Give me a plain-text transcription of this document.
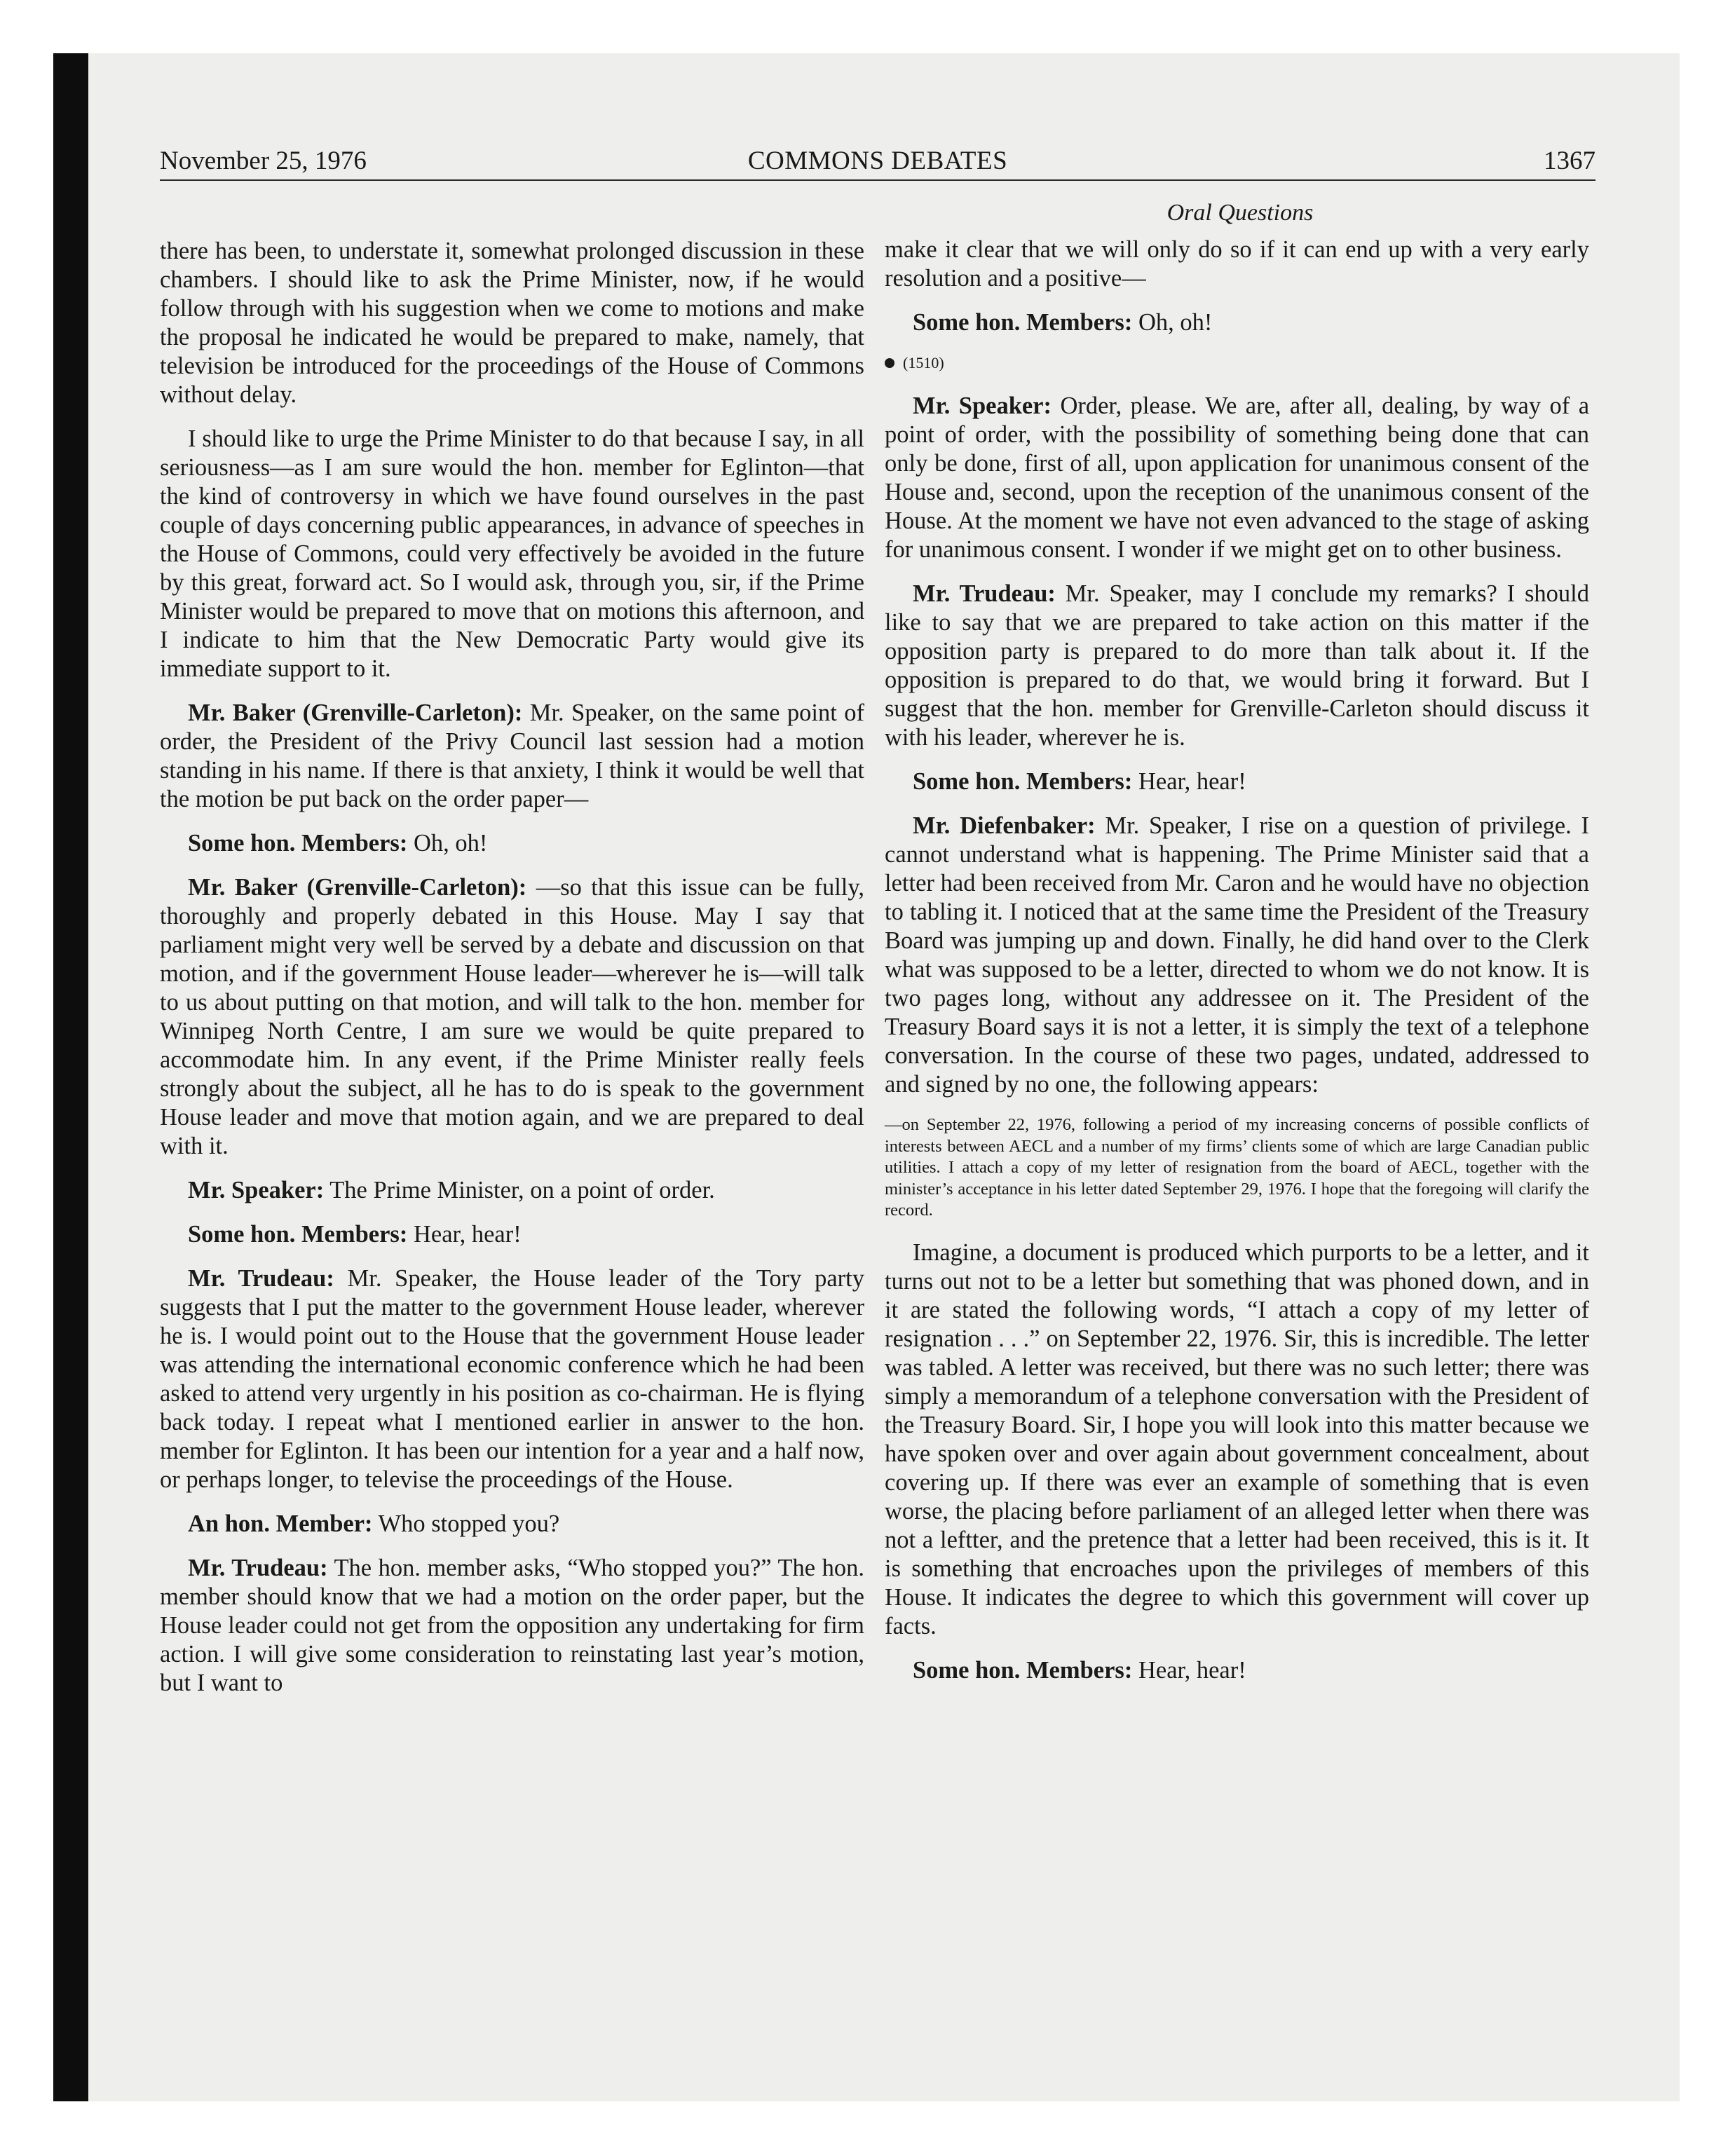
November 25, 1976	COMMONS DEBATES	1367
Oral Questions

there has been, to understate it, somewhat prolonged discussion in these chambers. I should like to ask the Prime Minister, now, if he would follow through with his suggestion when we come to motions and make the proposal he indicated he would be prepared to make, namely, that television be introduced for the proceedings of the House of Commons without delay.

I should like to urge the Prime Minister to do that because I say, in all seriousness—as I am sure would the hon. member for Eglinton—that the kind of controversy in which we have found ourselves in the past couple of days concerning public appearances, in advance of speeches in the House of Commons, could very effectively be avoided in the future by this great, forward act. So I would ask, through you, sir, if the Prime Minister would be prepared to move that on motions this afternoon, and I indicate to him that the New Democratic Party would give its immediate support to it.

Mr. Baker (Grenville-Carleton): Mr. Speaker, on the same point of order, the President of the Privy Council last session had a motion standing in his name. If there is that anxiety, I think it would be well that the motion be put back on the order paper—

Some hon. Members: Oh, oh!

Mr. Baker (Grenville-Carleton): —so that this issue can be fully, thoroughly and properly debated in this House. May I say that parliament might very well be served by a debate and discussion on that motion, and if the government House leader—wherever he is—will talk to us about putting on that motion, and will talk to the hon. member for Winnipeg North Centre, I am sure we would be quite prepared to accommodate him. In any event, if the Prime Minister really feels strongly about the subject, all he has to do is speak to the government House leader and move that motion again, and we are prepared to deal with it.

Mr. Speaker: The Prime Minister, on a point of order.

Some hon. Members: Hear, hear!

Mr. Trudeau: Mr. Speaker, the House leader of the Tory party suggests that I put the matter to the government House leader, wherever he is. I would point out to the House that the government House leader was attending the international economic conference which he had been asked to attend very urgently in his position as co-chairman. He is flying back today. I repeat what I mentioned earlier in answer to the hon. member for Eglinton. It has been our intention for a year and a half now, or perhaps longer, to televise the proceedings of the House.

An hon. Member: Who stopped you?

Mr. Trudeau: The hon. member asks, “Who stopped you?” The hon. member should know that we had a motion on the order paper, but the House leader could not get from the opposition any undertaking for firm action. I will give some consideration to reinstating last year’s motion, but I want to

make it clear that we will only do so if it can end up with a very early resolution and a positive—

Some hon. Members: Oh, oh!

(1510)

Mr. Speaker: Order, please. We are, after all, dealing, by way of a point of order, with the possibility of something being done that can only be done, first of all, upon application for unanimous consent of the House and, second, upon the reception of the unanimous consent of the House. At the moment we have not even advanced to the stage of asking for unanimous consent. I wonder if we might get on to other business.

Mr. Trudeau: Mr. Speaker, may I conclude my remarks? I should like to say that we are prepared to take action on this matter if the opposition party is prepared to do more than talk about it. If the opposition is prepared to do that, we would bring it forward. But I suggest that the hon. member for Grenville-Carleton should discuss it with his leader, wherever he is.

Some hon. Members: Hear, hear!

Mr. Diefenbaker: Mr. Speaker, I rise on a question of privilege. I cannot understand what is happening. The Prime Minister said that a letter had been received from Mr. Caron and he would have no objection to tabling it. I noticed that at the same time the President of the Treasury Board was jumping up and down. Finally, he did hand over to the Clerk what was supposed to be a letter, directed to whom we do not know. It is two pages long, without any addressee on it. The President of the Treasury Board says it is not a letter, it is simply the text of a telephone conversation. In the course of these two pages, undated, addressed to and signed by no one, the following appears:

—on September 22, 1976, following a period of my increasing concerns of possible conflicts of interests between AECL and a number of my firms’ clients some of which are large Canadian public utilities. I attach a copy of my letter of resignation from the board of AECL, together with the minister’s acceptance in his letter dated September 29, 1976. I hope that the foregoing will clarify the record.

Imagine, a document is produced which purports to be a letter, and it turns out not to be a letter but something that was phoned down, and in it are stated the following words, “I attach a copy of my letter of resignation . . .” on September 22, 1976. Sir, this is incredible. The letter was tabled. A letter was received, but there was no such letter; there was simply a memorandum of a telephone conversation with the President of the Treasury Board. Sir, I hope you will look into this matter because we have spoken over and over again about government concealment, about covering up. If there was ever an example of something that is even worse, the placing before parliament of an alleged letter when there was not a leftter, and the pretence that a letter had been received, this is it. It is something that encroaches upon the privileges of members of this House. It indicates the degree to which this government will cover up facts.

Some hon. Members: Hear, hear!
